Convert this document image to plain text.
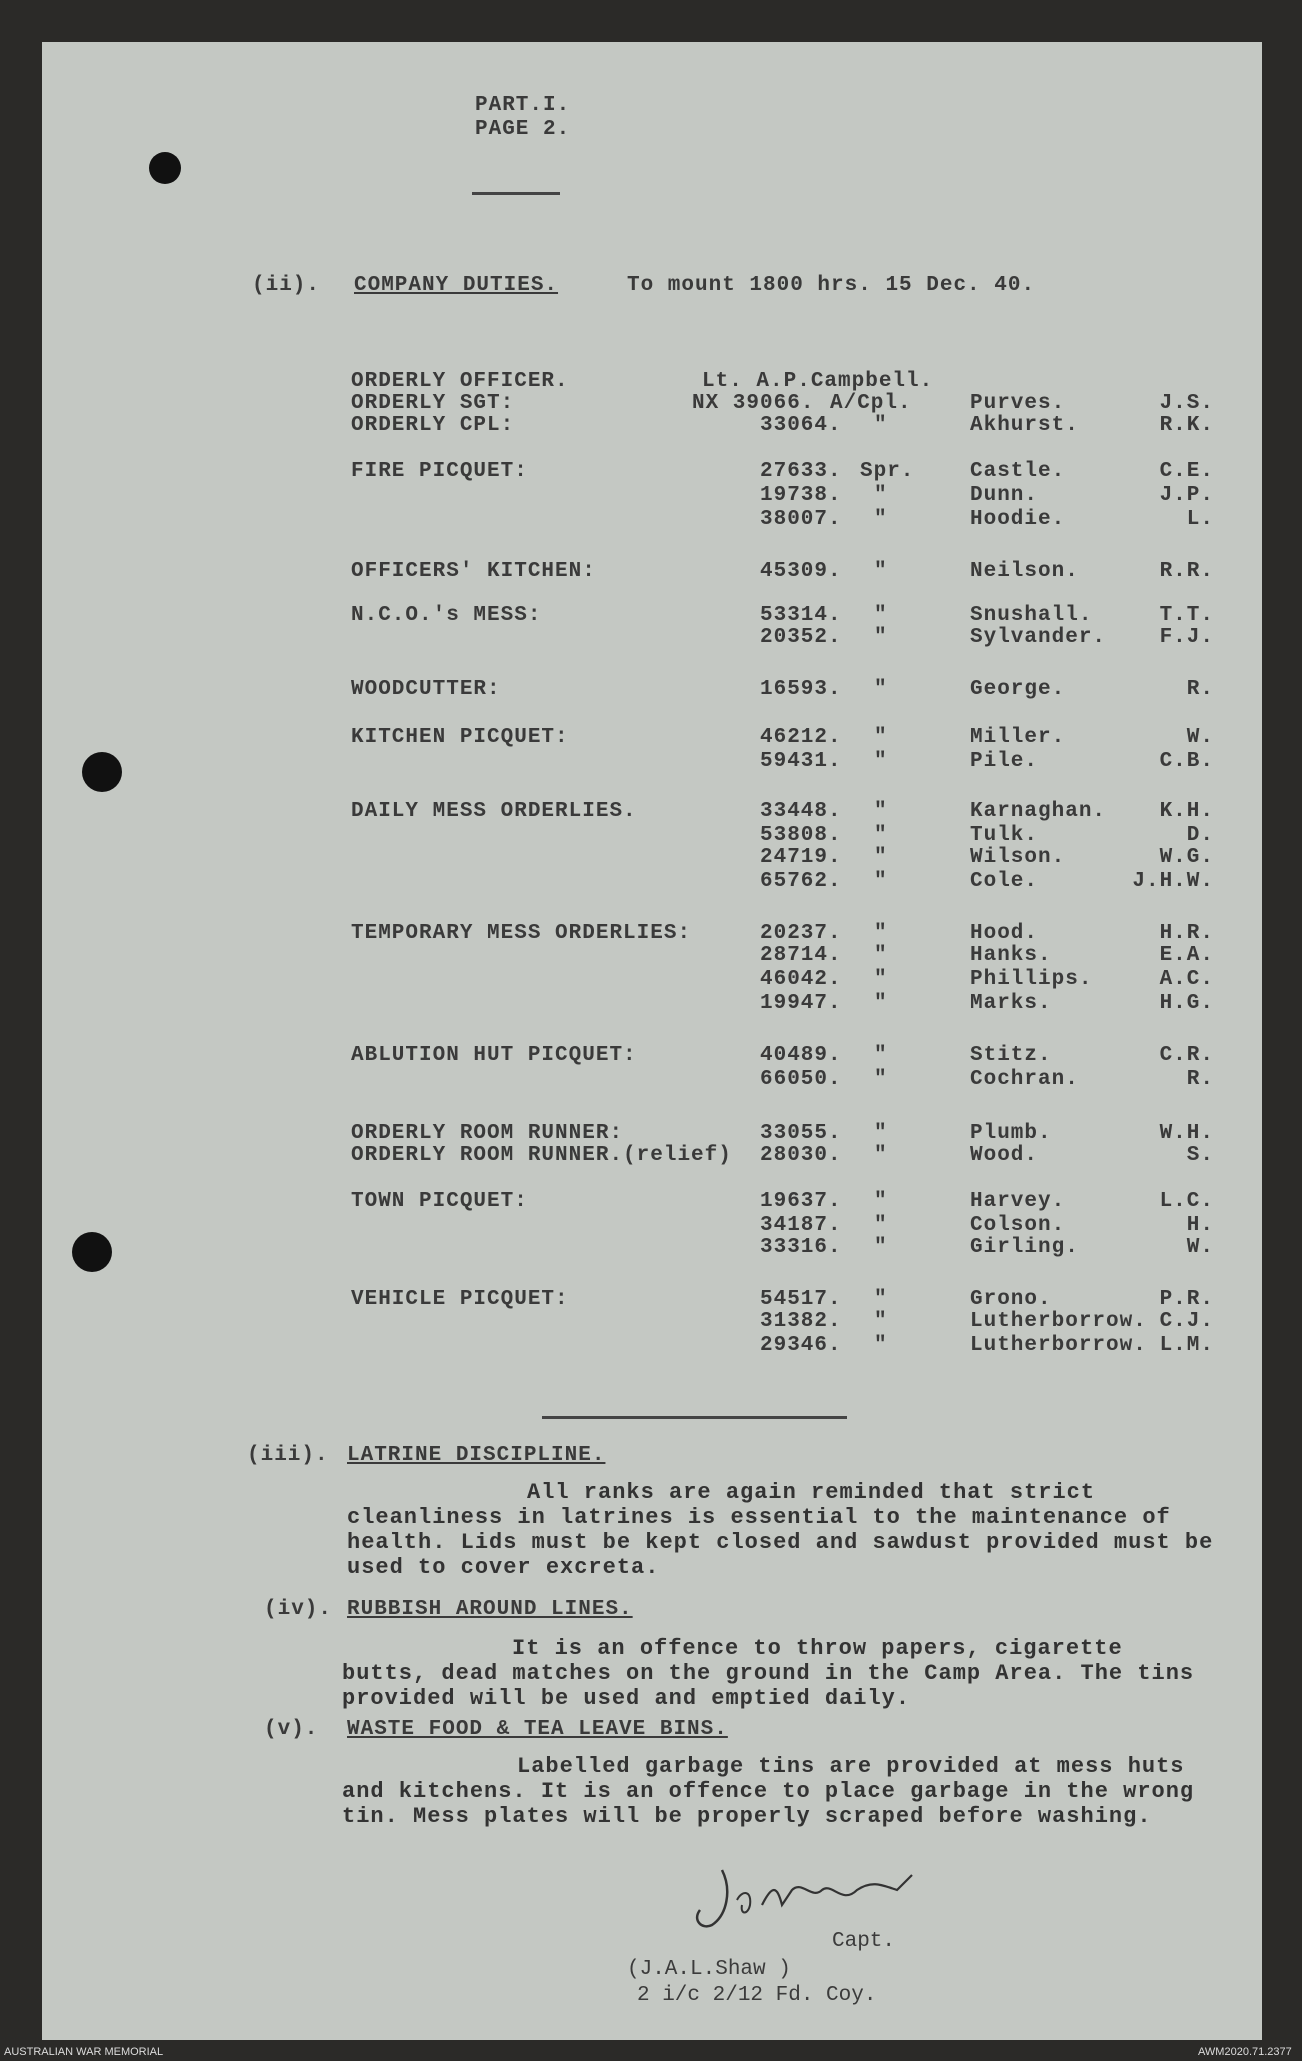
PART.I.
PAGE 2.
(ii). COMPANY DUTIES.	To mount 1800 hrs. 15 Dec. 40.
ORDERLY OFFICER.	Lt. A.P.Campbell.
ORDERLY SGT:	NX 39066. A/Cpl.	Purves.	J.S.
ORDERLY CPL:	33064. "	Akhurst.	R.K.
FIRE PICQUET:	27633. Spr.	Castle.	C.E.
19738. "	Dunn.	J.P.
38007. "	Hoodie.	L.
OFFICERS' KITCHEN:	45309. "	Neilson.	R.R.
N.C.O.'s MESS:	53314. "	Snushall.	T.T.
20352. "	Sylvander.	F.J.
WOODCUTTER:	16593. "	George.	R.
KITCHEN PICQUET:	46212. "	Miller.	W.
59431. "	Pile.	C.B.
DAILY MESS ORDERLIES.	33448. "	Karnaghan.	K.H.
53808. "	Tulk.	D.
24719. "	Wilson.	W.G.
65762. "	Cole.	J.H.W.
TEMPORARY MESS ORDERLIES:	20237. "	Hood.	H.R.
28714. "	Hanks.	E.A.
46042. "	Phillips.	A.C.
19947. "	Marks.	H.G.
ABLUTION HUT PICQUET:	40489. "	Stitz.	C.R.
66050. "	Cochran.	R.
ORDERLY ROOM RUNNER:	33055. "	Plumb.	W.H.
ORDERLY ROOM RUNNER.(relief) 28030. "	Wood.	S.
TOWN PICQUET:	19637. "	Harvey.	L.C.
34187. "	Colson.	H.
33316. "	Girling.	W.
VEHICLE PICQUET:	54517. "	Grono.	P.R.
31382. "	Lutherborrow. C.J.
29346. "	Lutherborrow. L.M.
(iii). LATRINE DISCIPLINE.
All ranks are again reminded that strict cleanliness in latrines is essential to the maintenance of health. Lids must be kept closed and sawdust provided must be used to cover excreta.
(iv). RUBBISH AROUND LINES.
It is an offence to throw papers, cigarette butts, dead matches on the ground in the Camp Area. The tins provided will be used and emptied daily.
(v). WASTE FOOD & TEA LEAVE BINS.
Labelled garbage tins are provided at mess huts and kitchens. It is an offence to place garbage in the wrong tin. Mess plates will be properly scraped before washing.
Capt.
(J.A.L.Shaw )
2 i/c 2/12 Fd. Coy.
AUSTRALIAN WAR MEMORIAL	AWM2020.71.2377
